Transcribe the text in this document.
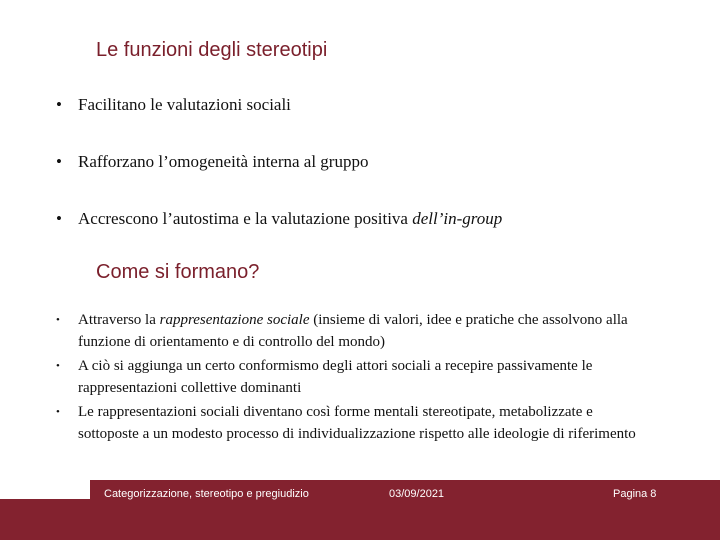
Le funzioni degli stereotipi
• Facilitano le valutazioni sociali
• Rafforzano l’omogeneità interna al gruppo
• Accrescono l’autostima e la valutazione positiva dell’in-group
Come si formano?
• Attraverso la rappresentazione sociale (insieme di valori, idee e pratiche che assolvono alla funzione di orientamento e di controllo del mondo)
• A ciò si aggiunga un certo conformismo degli attori sociali a recepire passivamente le rappresentazioni collettive dominanti
• Le rappresentazioni sociali diventano così forme mentali stereotipate, metabolizzate e sottoposte a un modesto processo di individualizzazione rispetto alle ideologie di riferimento
Categorizzazione, stereotipo e pregiudizio	03/09/2021	Pagina 8
